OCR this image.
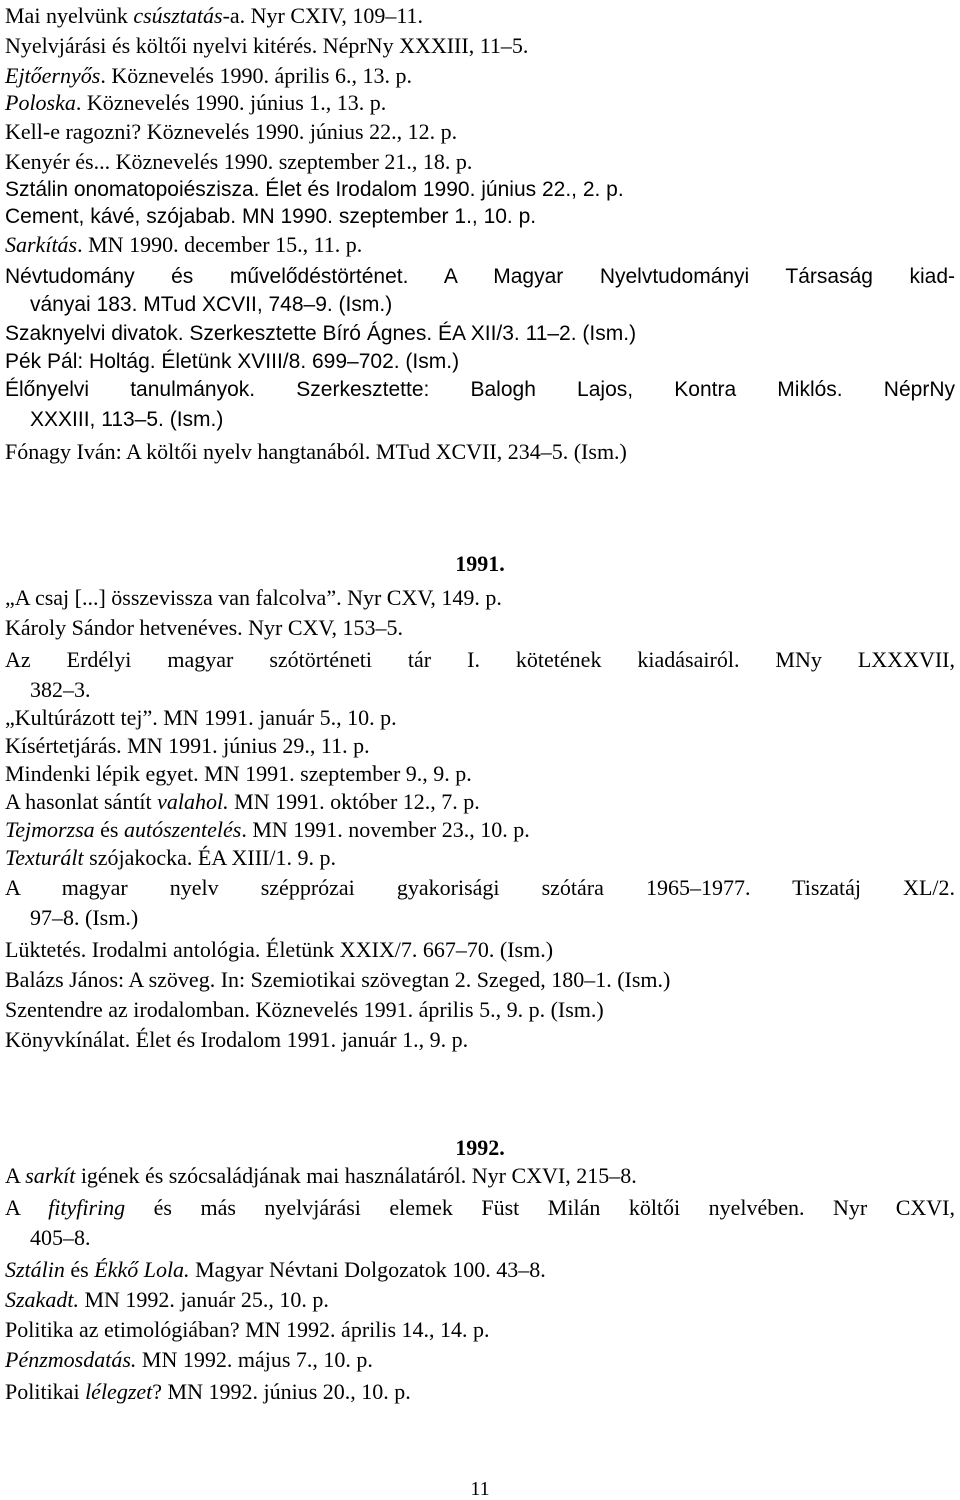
1991.
1992.
11
Mai nyelvünk csúsztatás-a. Nyr CXIV, 109–11.
Nyelvjárási és költői nyelvi kitérés. NéprNy XXXIII, 11–5.
Ejtőernyős. Köznevelés 1990. április 6., 13. p.
Poloska. Köznevelés 1990. június 1., 13. p.
Kell-e ragozni? Köznevelés 1990. június 22., 12. p.
Kenyér és... Köznevelés 1990. szeptember 21., 18. p.
Sztálin onomatopoiészisza. Élet és Irodalom 1990. június 22., 2. p.
Cement, kávé, szójabab. MN 1990. szeptember 1., 10. p.
Sarkítás. MN 1990. december 15., 11. p.
Névtudomány és művelődéstörténet. A Magyar Nyelvtudományi Társaság kiad-
ványai 183. MTud XCVII, 748–9. (Ism.)
Szaknyelvi divatok. Szerkesztette Bíró Ágnes. ÉA XII/3. 11–2. (Ism.)
Pék Pál: Holtág. Életünk XVIII/8. 699–702. (Ism.)
Élőnyelvi tanulmányok. Szerkesztette: Balogh Lajos, Kontra Miklós. NéprNy
XXXIII, 113–5. (Ism.)
Fónagy Iván: A költői nyelv hangtanából. MTud XCVII, 234–5. (Ism.)
„A csaj [...] összevissza van falcolva”. Nyr CXV, 149. p.
Károly Sándor hetvenéves. Nyr CXV, 153–5.
Az Erdélyi magyar szótörténeti tár I. kötetének kiadásairól. MNy LXXXVII,
382–3.
„Kultúrázott tej”. MN 1991. január 5., 10. p.
Kísértetjárás. MN 1991. június 29., 11. p.
Mindenki lépik egyet. MN 1991. szeptember 9., 9. p.
A hasonlat sántít valahol. MN 1991. október 12., 7. p.
Tejmorzsa és autószentelés. MN 1991. november 23., 10. p.
Texturált szójakocka. ÉA XIII/1. 9. p.
A magyar nyelv szépprózai gyakorisági szótára 1965–1977. Tiszatáj XL/2.
97–8. (Ism.)
Lüktetés. Irodalmi antológia. Életünk XXIX/7. 667–70. (Ism.)
Balázs János: A szöveg. In: Szemiotikai szövegtan 2. Szeged, 180–1. (Ism.)
Szentendre az irodalomban. Köznevelés 1991. április 5., 9. p. (Ism.)
Könyvkínálat. Élet és Irodalom 1991. január 1., 9. p.
A sarkít igének és szócsaládjának mai használatáról. Nyr CXVI, 215–8.
A fityfiring és más nyelvjárási elemek Füst Milán költői nyelvében. Nyr CXVI,
405–8.
Sztálin és Ékkő Lola. Magyar Névtani Dolgozatok 100. 43–8.
Szakadt. MN 1992. január 25., 10. p.
Politika az etimológiában? MN 1992. április 14., 14. p.
Pénzmosdatás. MN 1992. május 7., 10. p.
Politikai lélegzet? MN 1992. június 20., 10. p.
